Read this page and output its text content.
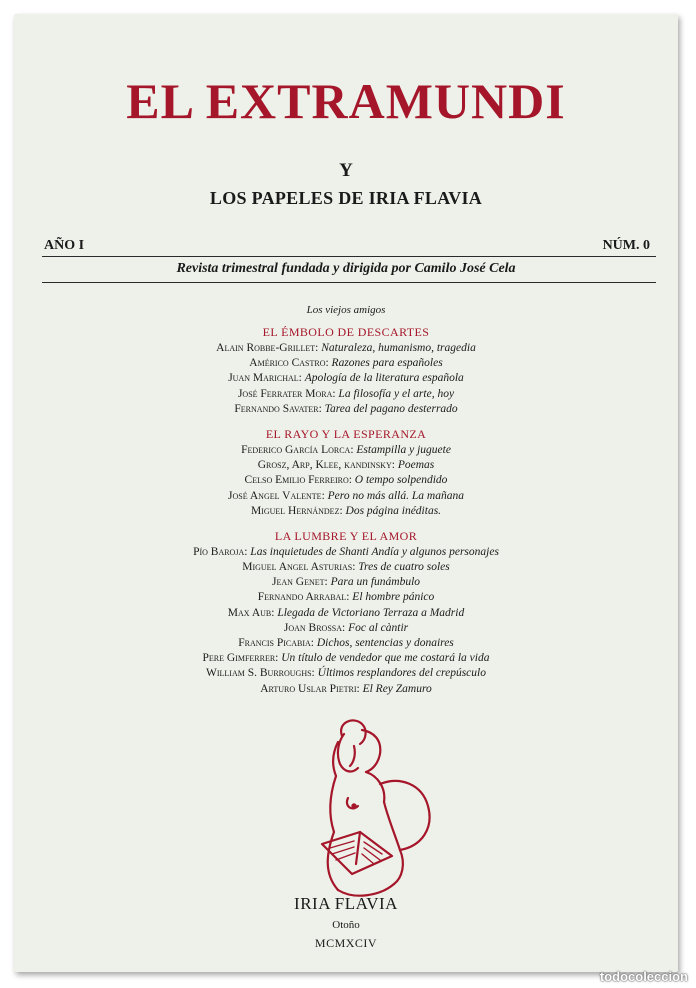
EL EXTRAMUNDI
Y
LOS PAPELES DE IRIA FLAVIA
AÑO I	NÚM. 0
Revista trimestral fundada y dirigida por Camilo José Cela
Los viejos amigos
EL ÉMBOLO DE DESCARTES
Alain Robbe-Grillet: Naturaleza, humanismo, tragedia
Américo Castro: Razones para españoles
Juan Marichal: Apología de la literatura española
José Ferrater Mora: La filosofía y el arte, hoy
Fernando Savater: Tarea del pagano desterrado
EL RAYO Y LA ESPERANZA
Federico García Lorca: Estampilla y juguete
Grosz, Arp, Klee, kandinsky: Poemas
Celso Emilio Ferreiro: O tempo solpendido
José Angel Valente: Pero no más allá. La mañana
Miguel Hernández: Dos página inéditas.
LA LUMBRE Y EL AMOR
Pío Baroja: Las inquietudes de Shanti Andía y algunos personajes
Miguel Angel Asturias: Tres de cuatro soles
Jean Genet: Para un funámbulo
Fernando Arrabal: El hombre pánico
Max Aub: Llegada de Victoriano Terraza a Madrid
Joan Brossa: Foc al càntir
Francis Picabia: Dichos, sentencias y donaires
Pere Gimferrer: Un título de vendedor que me costará la vida
William S. Burroughs: Últimos resplandores del crepúsculo
Arturo Uslar Pietri: El Rey Zamuro
IRIA FLAVIA
Otoño
MCMXCIV
todocoleccion
